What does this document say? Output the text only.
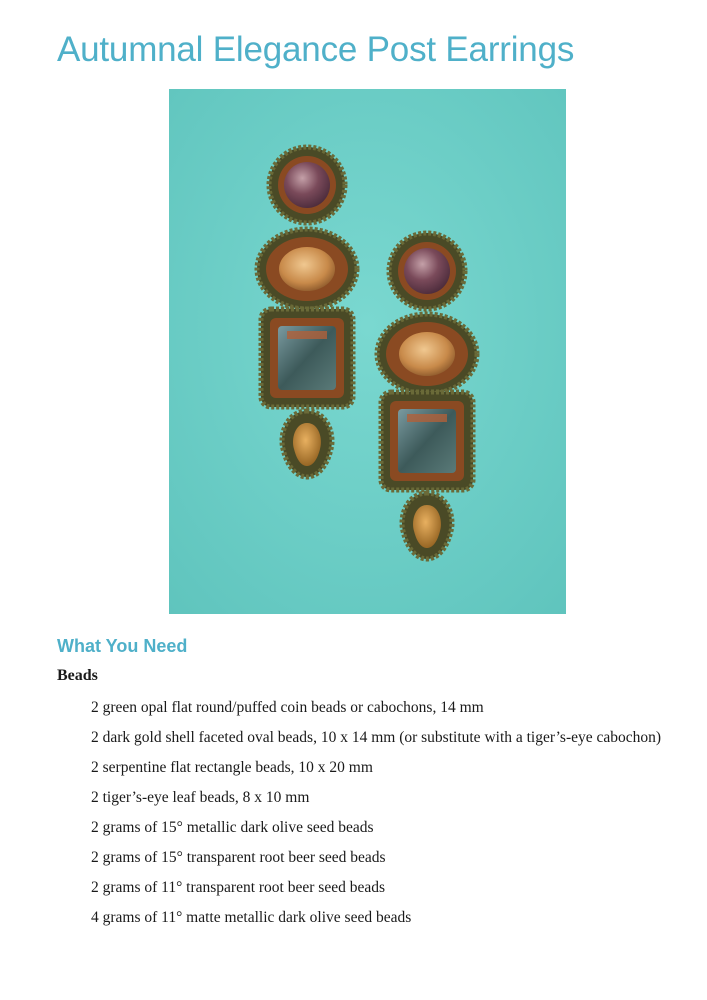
Autumnal Elegance Post Earrings
What You Need
Beads
2 green opal flat round/puffed coin beads or cabochons, 14 mm
2 dark gold shell faceted oval beads, 10 x 14 mm (or substitute with a tiger’s-eye cabochon)
2 serpentine flat rectangle beads, 10 x 20 mm
2 tiger’s-eye leaf beads, 8 x 10 mm
2 grams of 15° metallic dark olive seed beads
2 grams of 15° transparent root beer seed beads
2 grams of 11° transparent root beer seed beads
4 grams of 11° matte metallic dark olive seed beads
